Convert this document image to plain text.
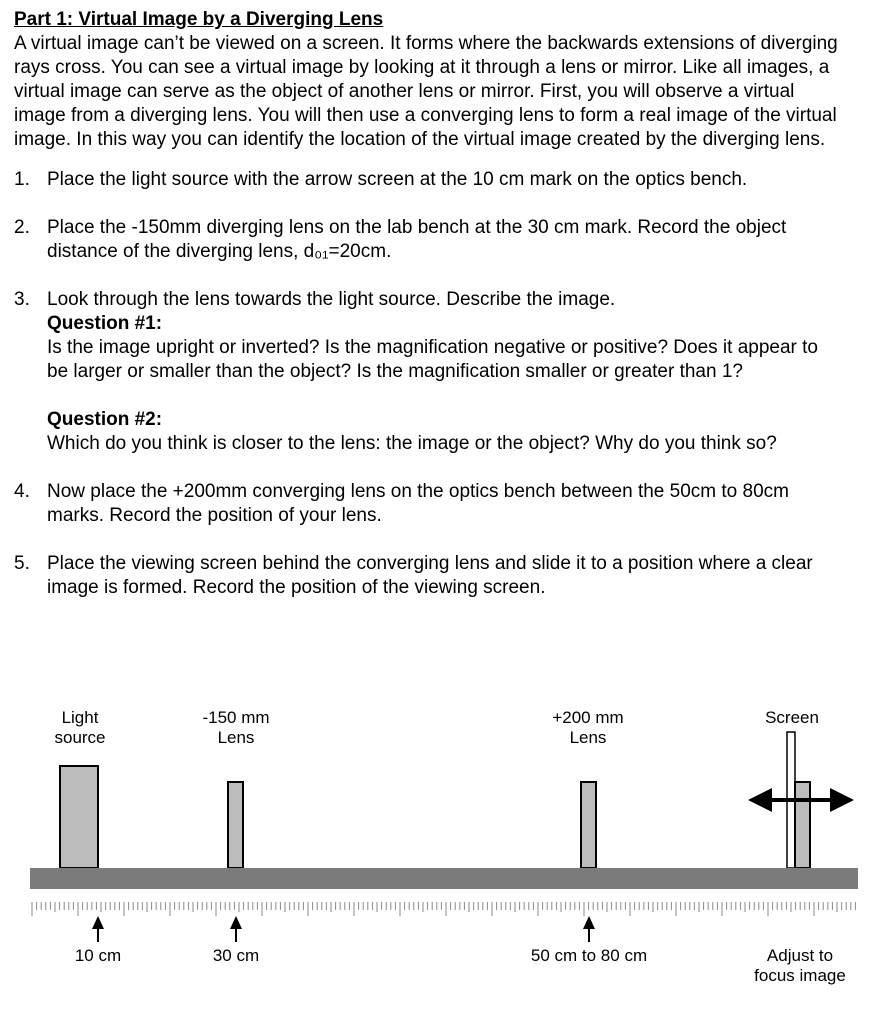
Part 1: Virtual Image by a Diverging Lens

A virtual image can’t be viewed on a screen. It forms where the backwards extensions of diverging rays cross. You can see a virtual image by looking at it through a lens or mirror. Like all images, a virtual image can serve as the object of another lens or mirror. First, you will observe a virtual image from a diverging lens. You will then use a converging lens to form a real image of the virtual image. In this way you can identify the location of the virtual image created by the diverging lens.

1. Place the light source with the arrow screen at the 10 cm mark on the optics bench.
2. Place the -150mm diverging lens on the lab bench at the 30 cm mark. Record the object distance of the diverging lens, d₀₁=20cm.
3. Look through the lens towards the light source. Describe the image.
Question #1:
Is the image upright or inverted? Is the magnification negative or positive? Does it appear to be larger or smaller than the object? Is the magnification smaller or greater than 1?
Question #2:
Which do you think is closer to the lens: the image or the object? Why do you think so?
4. Now place the +200mm converging lens on the optics bench between the 50cm to 80cm marks. Record the position of your lens.
5. Place the viewing screen behind the converging lens and slide it to a position where a clear image is formed. Record the position of the viewing screen.
Light
source
-150 mm
Lens
+200 mm
Lens
Screen
10 cm	30 cm	50 cm to 80 cm	Adjust to
focus image
